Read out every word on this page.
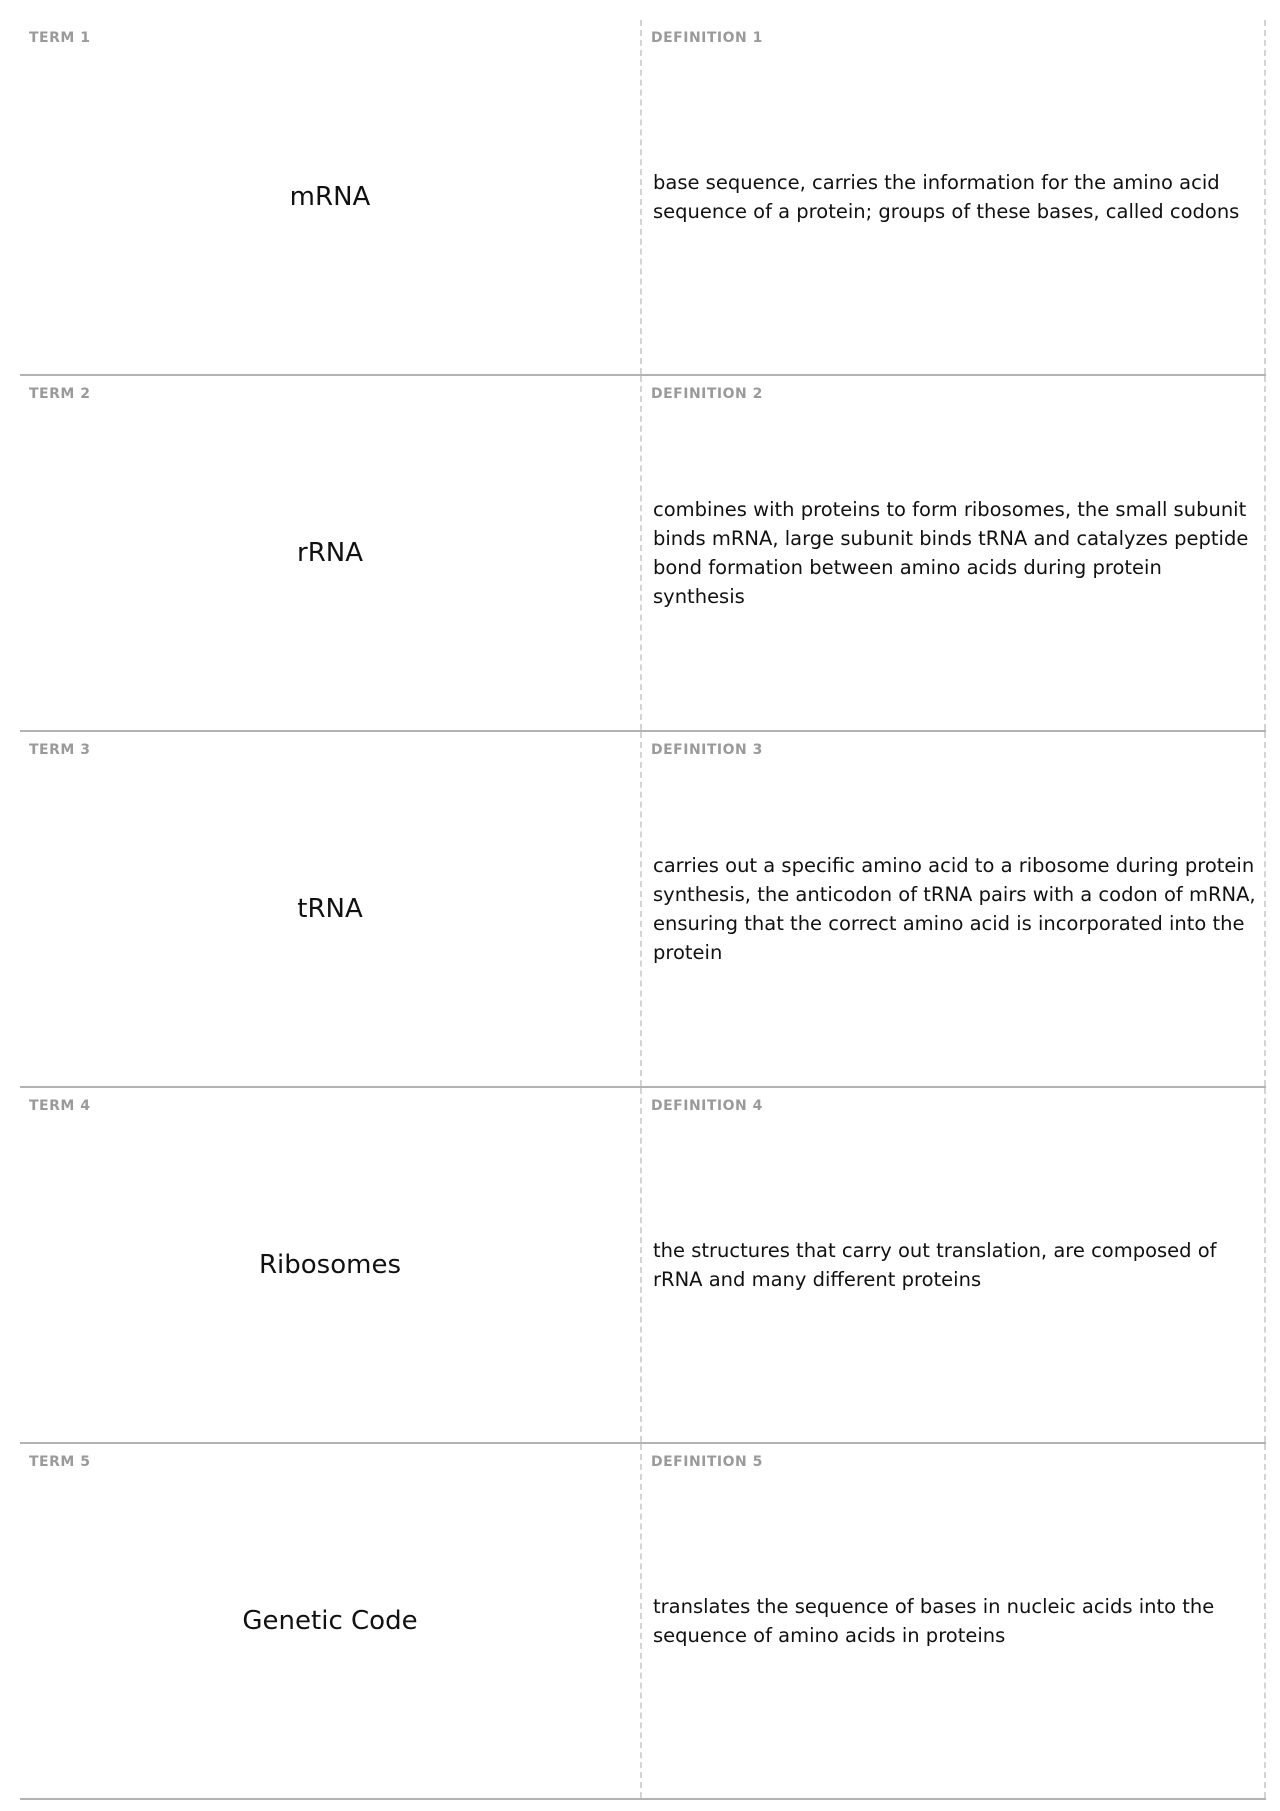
TERM 1
mRNA
DEFINITION 1
base sequence, carries the information for the amino acid sequence of a protein; groups of these bases, called codons
TERM 2
rRNA
DEFINITION 2
combines with proteins to form ribosomes, the small subunit binds mRNA, large subunit binds tRNA and catalyzes peptide bond formation between amino acids during protein synthesis
TERM 3
tRNA
DEFINITION 3
carries out a specific amino acid to a ribosome during protein synthesis, the anticodon of tRNA pairs with a codon of mRNA, ensuring that the correct amino acid is incorporated into the protein
TERM 4
Ribosomes
DEFINITION 4
the structures that carry out translation, are composed of rRNA and many different proteins
TERM 5
Genetic Code
DEFINITION 5
translates the sequence of bases in nucleic acids into the sequence of amino acids in proteins
